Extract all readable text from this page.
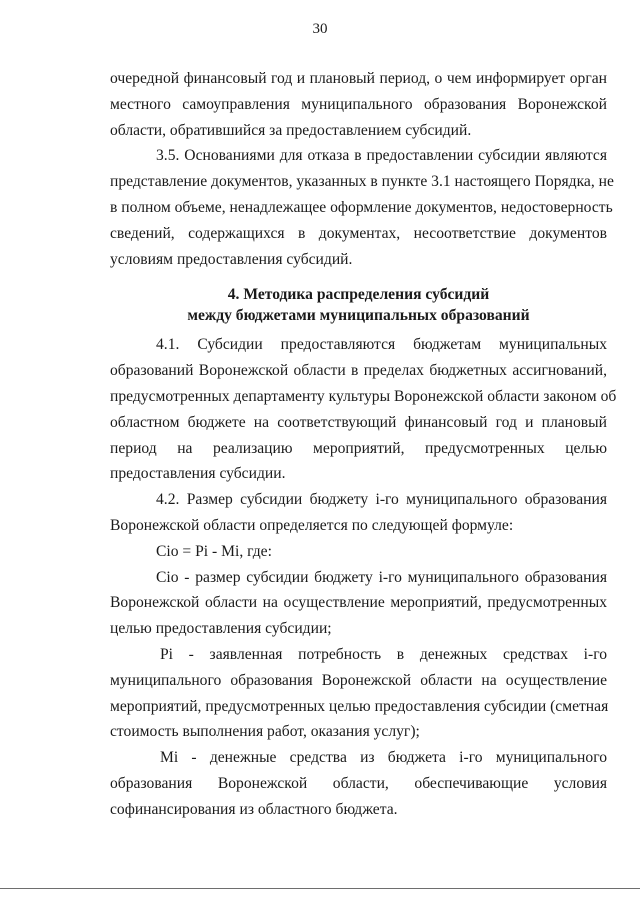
30
очередной финансовый год и плановый период, о чем информирует орган
местного самоуправления муниципального образования Воронежской
области, обратившийся за предоставлением субсидий.
3.5. Основаниями для отказа в предоставлении субсидии являются
представление документов, указанных в пункте 3.1 настоящего Порядка, не
в полном объеме, ненадлежащее оформление документов, недостоверность
сведений, содержащихся в документах, несоответствие документов
условиям предоставления субсидий.
4. Методика распределения субсидий
между бюджетами муниципальных образований
4.1. Субсидии предоставляются бюджетам муниципальных
образований Воронежской области в пределах бюджетных ассигнований,
предусмотренных департаменту культуры Воронежской области законом об
областном бюджете на соответствующий финансовый год и плановый
период на реализацию мероприятий, предусмотренных целью
предоставления субсидии.
4.2. Размер субсидии бюджету i-го муниципального образования
Воронежской области определяется по следующей формуле:
Сiо = Рi - Мi, где:
Сiо - размер субсидии бюджету i-го муниципального образования
Воронежской области на осуществление мероприятий, предусмотренных
целью предоставления субсидии;
Рi - заявленная потребность в денежных средствах i-го
муниципального образования Воронежской области на осуществление
мероприятий, предусмотренных целью предоставления субсидии (сметная
стоимость выполнения работ, оказания услуг);
Мi - денежные средства из бюджета i-го муниципального
образования Воронежской области, обеспечивающие условия
софинансирования из областного бюджета.
